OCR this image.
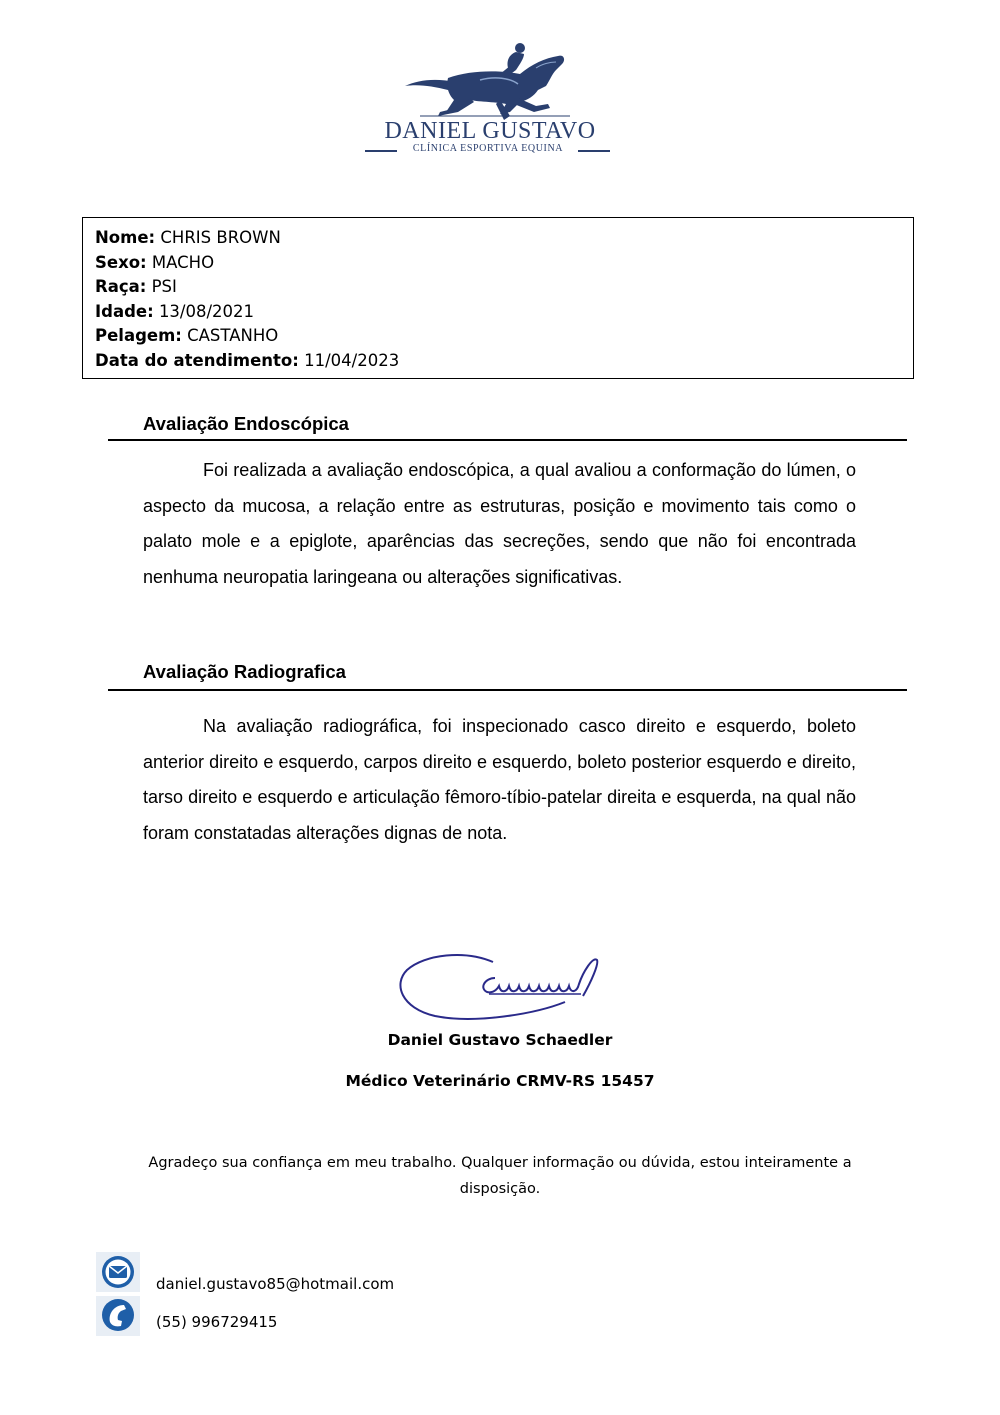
DANIEL GUSTAVO
CLÍNICA ESPORTIVA EQUINA
Nome: CHRIS BROWN
Sexo: MACHO
Raça: PSI
Idade: 13/08/2021
Pelagem: CASTANHO
Data do atendimento: 11/04/2023
Avaliação Endoscópica
Foi realizada a avaliação endoscópica, a qual avaliou a conformação do lúmen, o aspecto da mucosa, a relação entre as estruturas, posição e movimento tais como o palato mole e a epiglote, aparências das secreções, sendo que não foi encontrada nenhuma neuropatia laringeana ou alterações significativas.
Avaliação Radiografica
Na avaliação radiográfica, foi inspecionado casco direito e esquerdo, boleto anterior direito e esquerdo, carpos direito e esquerdo, boleto posterior esquerdo e direito, tarso direito e esquerdo e articulação fêmoro-tíbio-patelar direita e esquerda, na qual não foram constatadas alterações dignas de nota.
Daniel Gustavo Schaedler
Médico Veterinário CRMV-RS 15457
Agradeço sua confiança em meu trabalho. Qualquer informação ou dúvida, estou inteiramente a disposição.
daniel.gustavo85@hotmail.com
(55) 996729415
